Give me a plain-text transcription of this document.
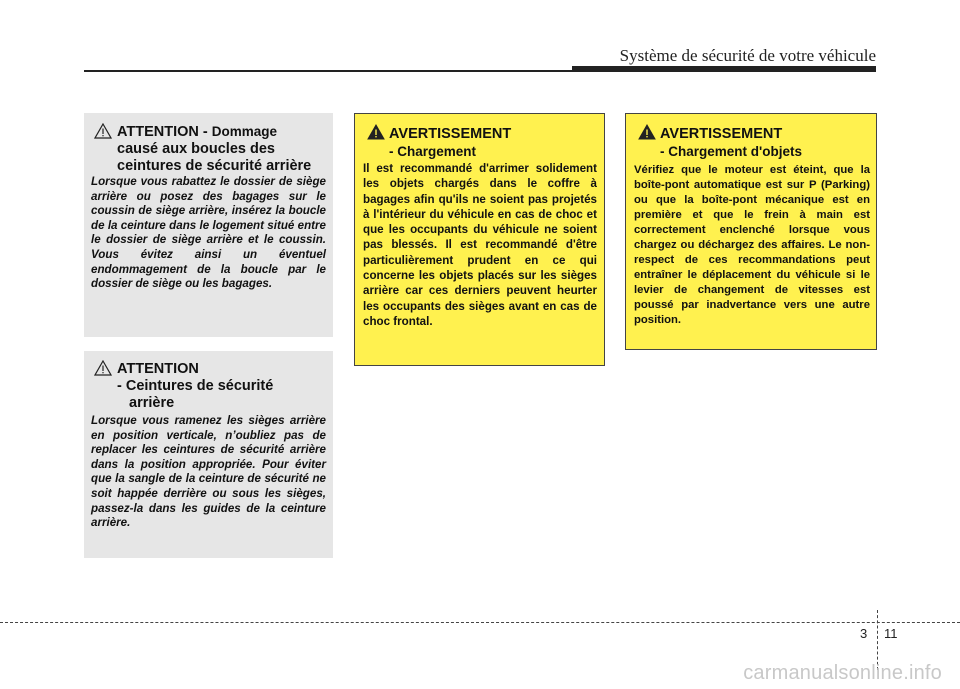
Système de sécurité de votre véhicule
ATTENTION - Dommage
causé aux boucles des
ceintures de sécurité arrière
Lorsque vous rabattez le dossier de siège arrière ou posez des bagages sur le coussin de siège arrière, insérez la boucle de la ceinture dans le logement situé entre le dossier de siège arrière et le coussin. Vous évitez ainsi un éventuel endommagement de la boucle par le dossier de siège ou les bagages.
ATTENTION
- Ceintures de sécurité
arrière
Lorsque vous ramenez les sièges arrière en position verticale, n’oubliez pas de replacer les ceintures de sécurité arrière dans la position appropriée. Pour éviter que la sangle de la ceinture de sécurité ne soit happée derrière ou sous les sièges, passez-la dans les guides de la ceinture arrière.
AVERTISSEMENT
- Chargement
Il est recommandé d'arrimer solidement les objets chargés dans le coffre à bagages afin qu'ils ne soient pas projetés à l'intérieur du véhicule en cas de choc et que les occupants du véhicule ne soient pas blessés. Il est recommandé d'être particulièrement prudent en ce qui concerne les objets placés sur les sièges arrière car ces derniers peuvent heurter les occupants des sièges avant en cas de choc frontal.
AVERTISSEMENT
- Chargement d'objets
Vérifiez que le moteur est éteint, que la boîte-pont automatique est sur P (Parking) ou que la boîte-pont mécanique est en première et que le frein à main est correctement enclenché lorsque vous chargez ou déchargez des affaires. Le non-respect de ces recommandations peut entraîner le déplacement du véhicule si le levier de changement de vitesses est poussé par inadvertance vers une autre position.
3 11
carmanualsonline.info
